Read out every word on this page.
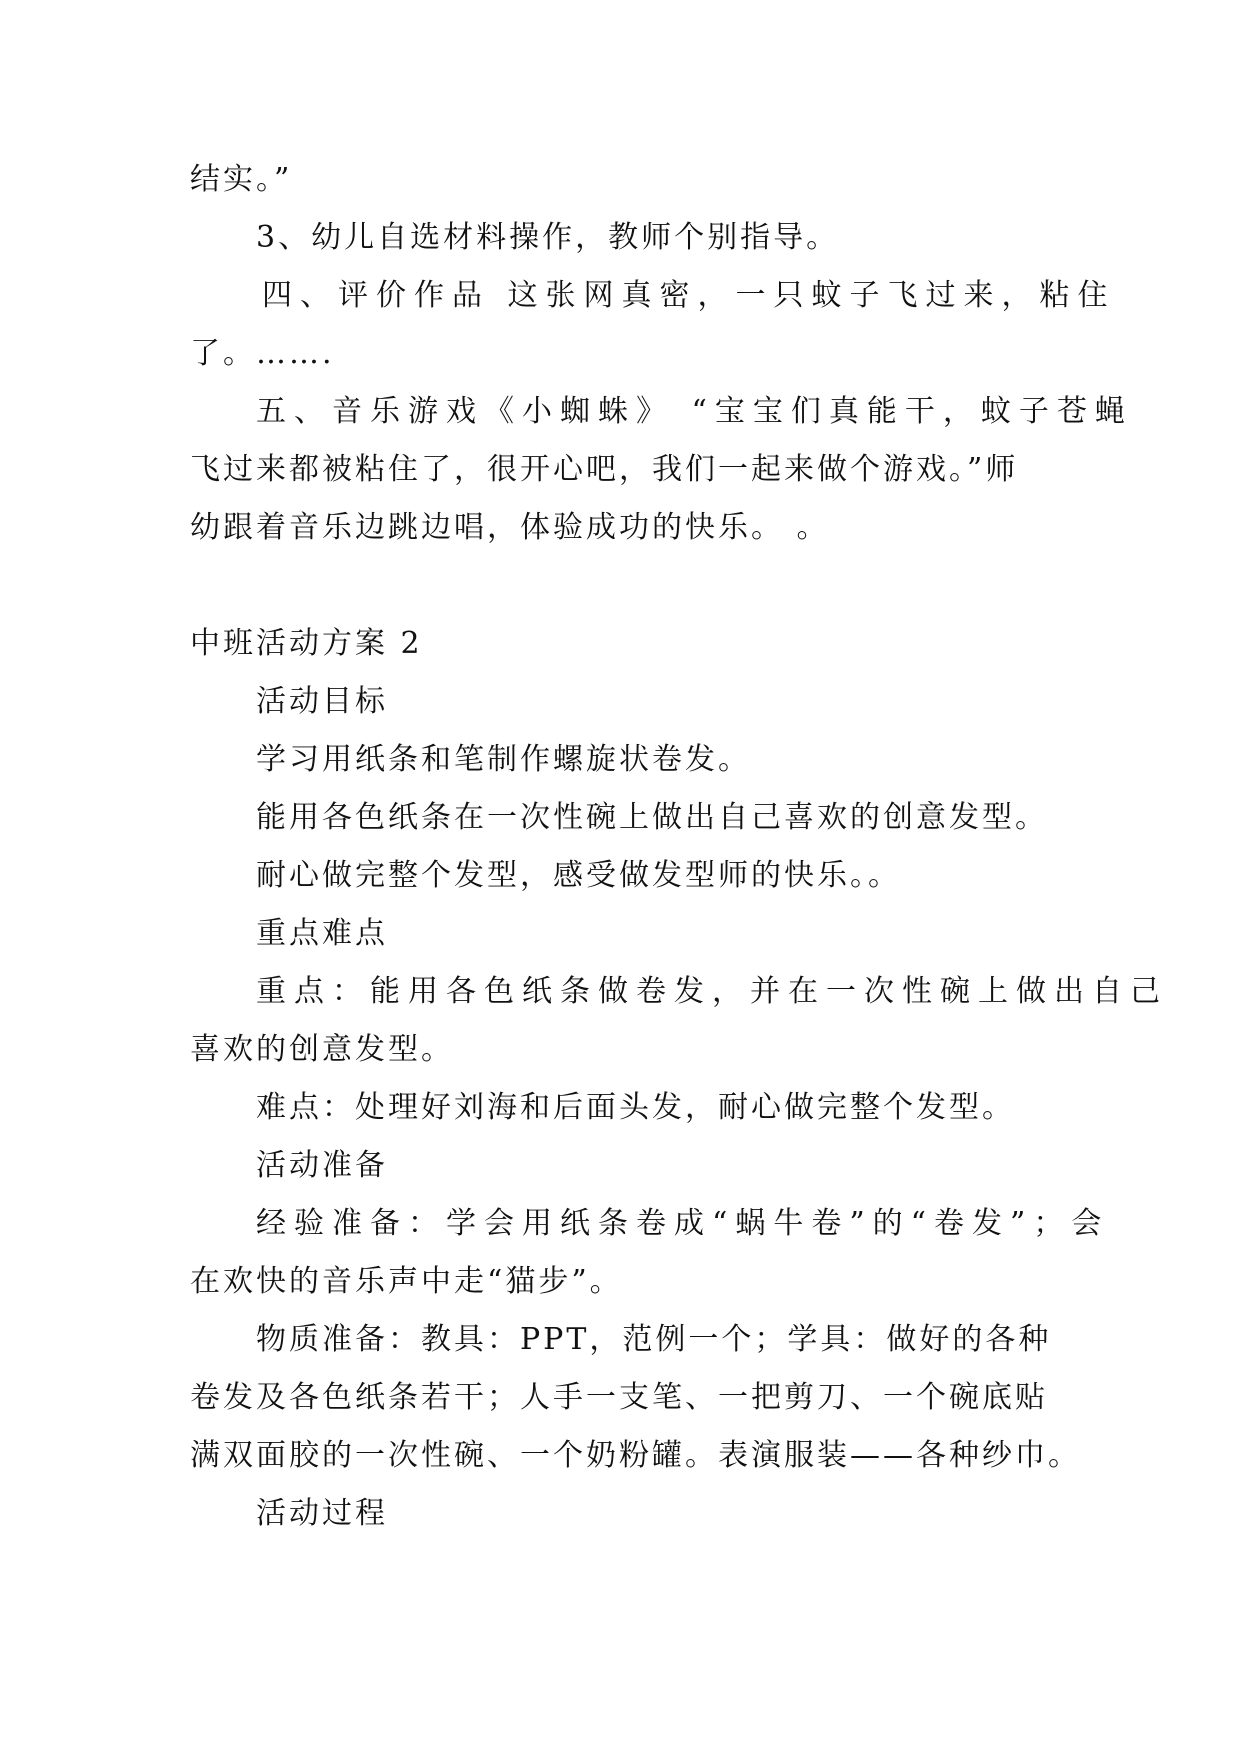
结实。”
3、幼儿自选材料操作，教师个别指导。
四、评价作品 这张网真密，一只蚊子飞过来，粘住
了。…….
五、音乐游戏《小蜘蛛》 “宝宝们真能干，蚊子苍蝇
飞过来都被粘住了，很开心吧，我们一起来做个游戏。”师
幼跟着音乐边跳边唱，体验成功的快乐。 。
中班活动方案 2
活动目标
学习用纸条和笔制作螺旋状卷发。
能用各色纸条在一次性碗上做出自己喜欢的创意发型。
耐心做完整个发型，感受做发型师的快乐。。
重点难点
重点：能用各色纸条做卷发，并在一次性碗上做出自己
喜欢的创意发型。
难点：处理好刘海和后面头发，耐心做完整个发型。
活动准备
经验准备：学会用纸条卷成“蜗牛卷”的“卷发”；会
在欢快的音乐声中走“猫步”。
物质准备：教具：PPT，范例一个；学具：做好的各种
卷发及各色纸条若干；人手一支笔、一把剪刀、一个碗底贴
满双面胶的一次性碗、一个奶粉罐。表演服装——各种纱巾。
活动过程
